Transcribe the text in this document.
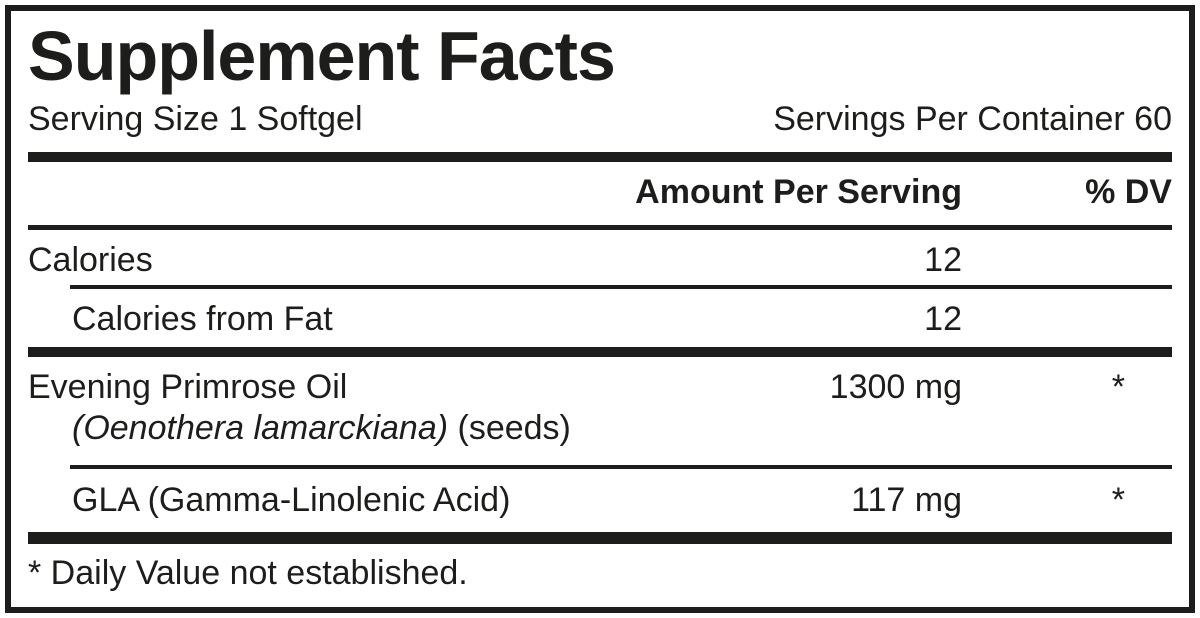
Supplement Facts
Serving Size 1 Softgel	Servings Per Container 60
Amount Per Serving	% DV
Calories	12
Calories from Fat	12
Evening Primrose Oil	1300 mg	*
(Oenothera lamarckiana) (seeds)
GLA (Gamma-Linolenic Acid)	117 mg	*
* Daily Value not established.
